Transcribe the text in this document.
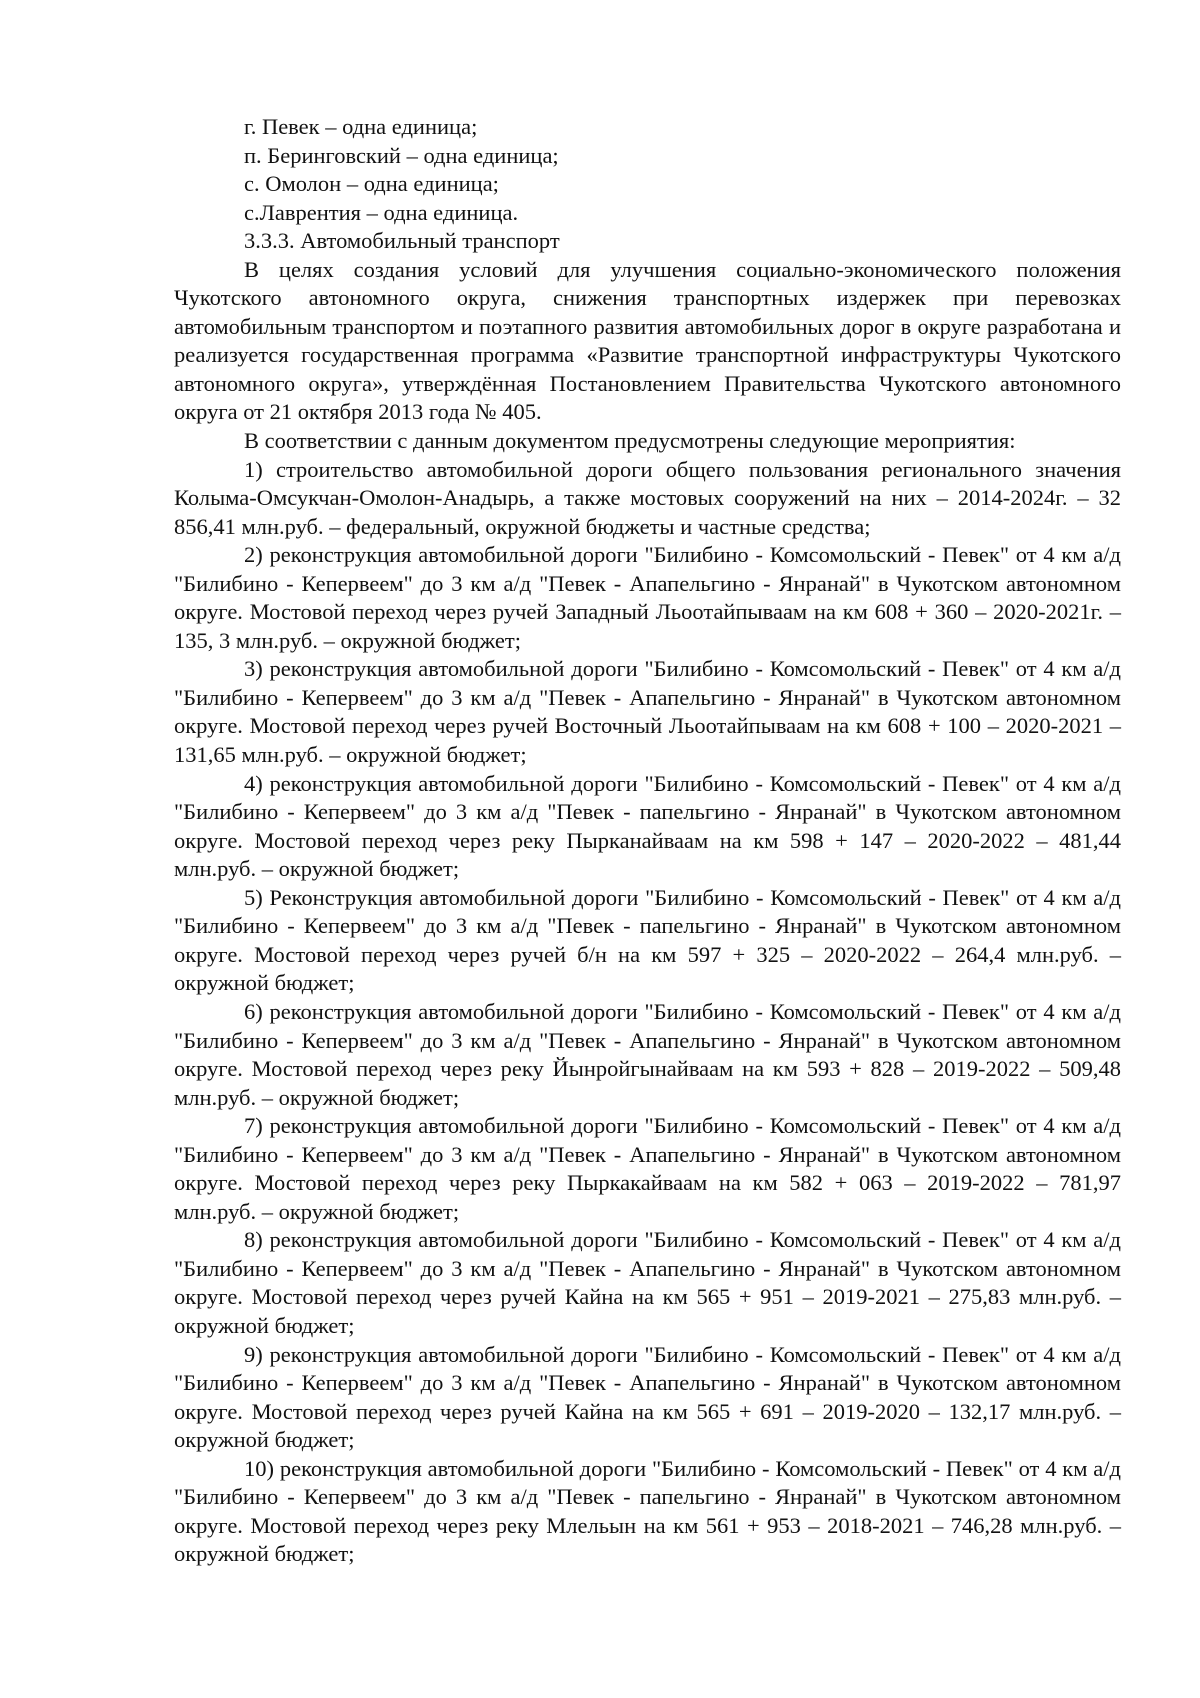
г. Певек – одна единица;

п. Беринговский – одна единица;

с. Омолон – одна единица;

с.Лаврентия – одна единица.

3.3.3. Автомобильный транспорт

В целях создания условий для улучшения социально-экономического положения Чукотского автономного округа, снижения транспортных издержек при перевозках автомобильным транспортом и поэтапного развития автомобильных дорог в округе разработана и реализуется государственная программа «Развитие транспортной инфраструктуры Чукотского автономного округа», утверждённая Постановлением Правительства Чукотского автономного округа от 21 октября 2013 года № 405.

В соответствии с данным документом предусмотрены следующие мероприятия:

1) строительство автомобильной дороги общего пользования регионального значения Колыма-Омсукчан-Омолон-Анадырь, а также мостовых сооружений на них – 2014-2024г. – 32 856,41 млн.руб. – федеральный, окружной бюджеты и частные средства;

2) реконструкция автомобильной дороги "Билибино - Комсомольский - Певек" от 4 км а/д "Билибино - Кепервеем" до 3 км а/д "Певек - Апапельгино - Янранай" в Чукотском автономном округе. Мостовой переход через ручей Западный Льоотайпываам на км 608 + 360 – 2020-2021г. – 135, 3 млн.руб. – окружной бюджет;

3) реконструкция автомобильной дороги "Билибино - Комсомольский - Певек" от 4 км а/д "Билибино - Кепервеем" до 3 км а/д "Певек - Апапельгино - Янранай" в Чукотском автономном округе. Мостовой переход через ручей Восточный Льоотайпываам на км 608 + 100 – 2020-2021 – 131,65 млн.руб. – окружной бюджет;

4) реконструкция автомобильной дороги "Билибино - Комсомольский - Певек" от 4 км а/д "Билибино - Кепервеем" до 3 км а/д "Певек - папельгино - Янранай" в Чукотском автономном округе. Мостовой переход через реку Пырканайваам на км 598 + 147 – 2020-2022 – 481,44 млн.руб. – окружной бюджет;

5) Реконструкция автомобильной дороги "Билибино - Комсомольский - Певек" от 4 км а/д "Билибино - Кепервеем" до 3 км а/д "Певек - папельгино - Янранай" в Чукотском автономном округе. Мостовой переход через ручей б/н на км 597 + 325 – 2020-2022 – 264,4 млн.руб. – окружной бюджет;

6) реконструкция автомобильной дороги "Билибино - Комсомольский - Певек" от 4 км а/д "Билибино - Кепервеем" до 3 км а/д "Певек - Апапельгино - Янранай" в Чукотском автономном округе. Мостовой переход через реку Йынройгынайваам на км 593 + 828 – 2019-2022 – 509,48 млн.руб. – окружной бюджет;

7) реконструкция автомобильной дороги "Билибино - Комсомольский - Певек" от 4 км а/д "Билибино - Кепервеем" до 3 км а/д "Певек - Апапельгино - Янранай" в Чукотском автономном округе. Мостовой переход через реку Пыркакайваам на км 582 + 063 – 2019-2022 – 781,97 млн.руб. – окружной бюджет;

8) реконструкция автомобильной дороги "Билибино - Комсомольский - Певек" от 4 км а/д "Билибино - Кепервеем" до 3 км а/д "Певек - Апапельгино - Янранай" в Чукотском автономном округе. Мостовой переход через ручей Кайна на км 565 + 951 – 2019-2021 – 275,83 млн.руб. – окружной бюджет;

9) реконструкция автомобильной дороги "Билибино - Комсомольский - Певек" от 4 км а/д "Билибино - Кепервеем" до 3 км а/д "Певек - Апапельгино - Янранай" в Чукотском автономном округе. Мостовой переход через ручей Кайна на км 565 + 691 – 2019-2020 – 132,17 млн.руб. – окружной бюджет;

10) реконструкция автомобильной дороги "Билибино - Комсомольский - Певек" от 4 км а/д "Билибино - Кепервеем" до 3 км а/д "Певек - папельгино - Янранай" в Чукотском автономном округе. Мостовой переход через реку Млельын на км 561 + 953 – 2018-2021 – 746,28 млн.руб. – окружной бюджет;
